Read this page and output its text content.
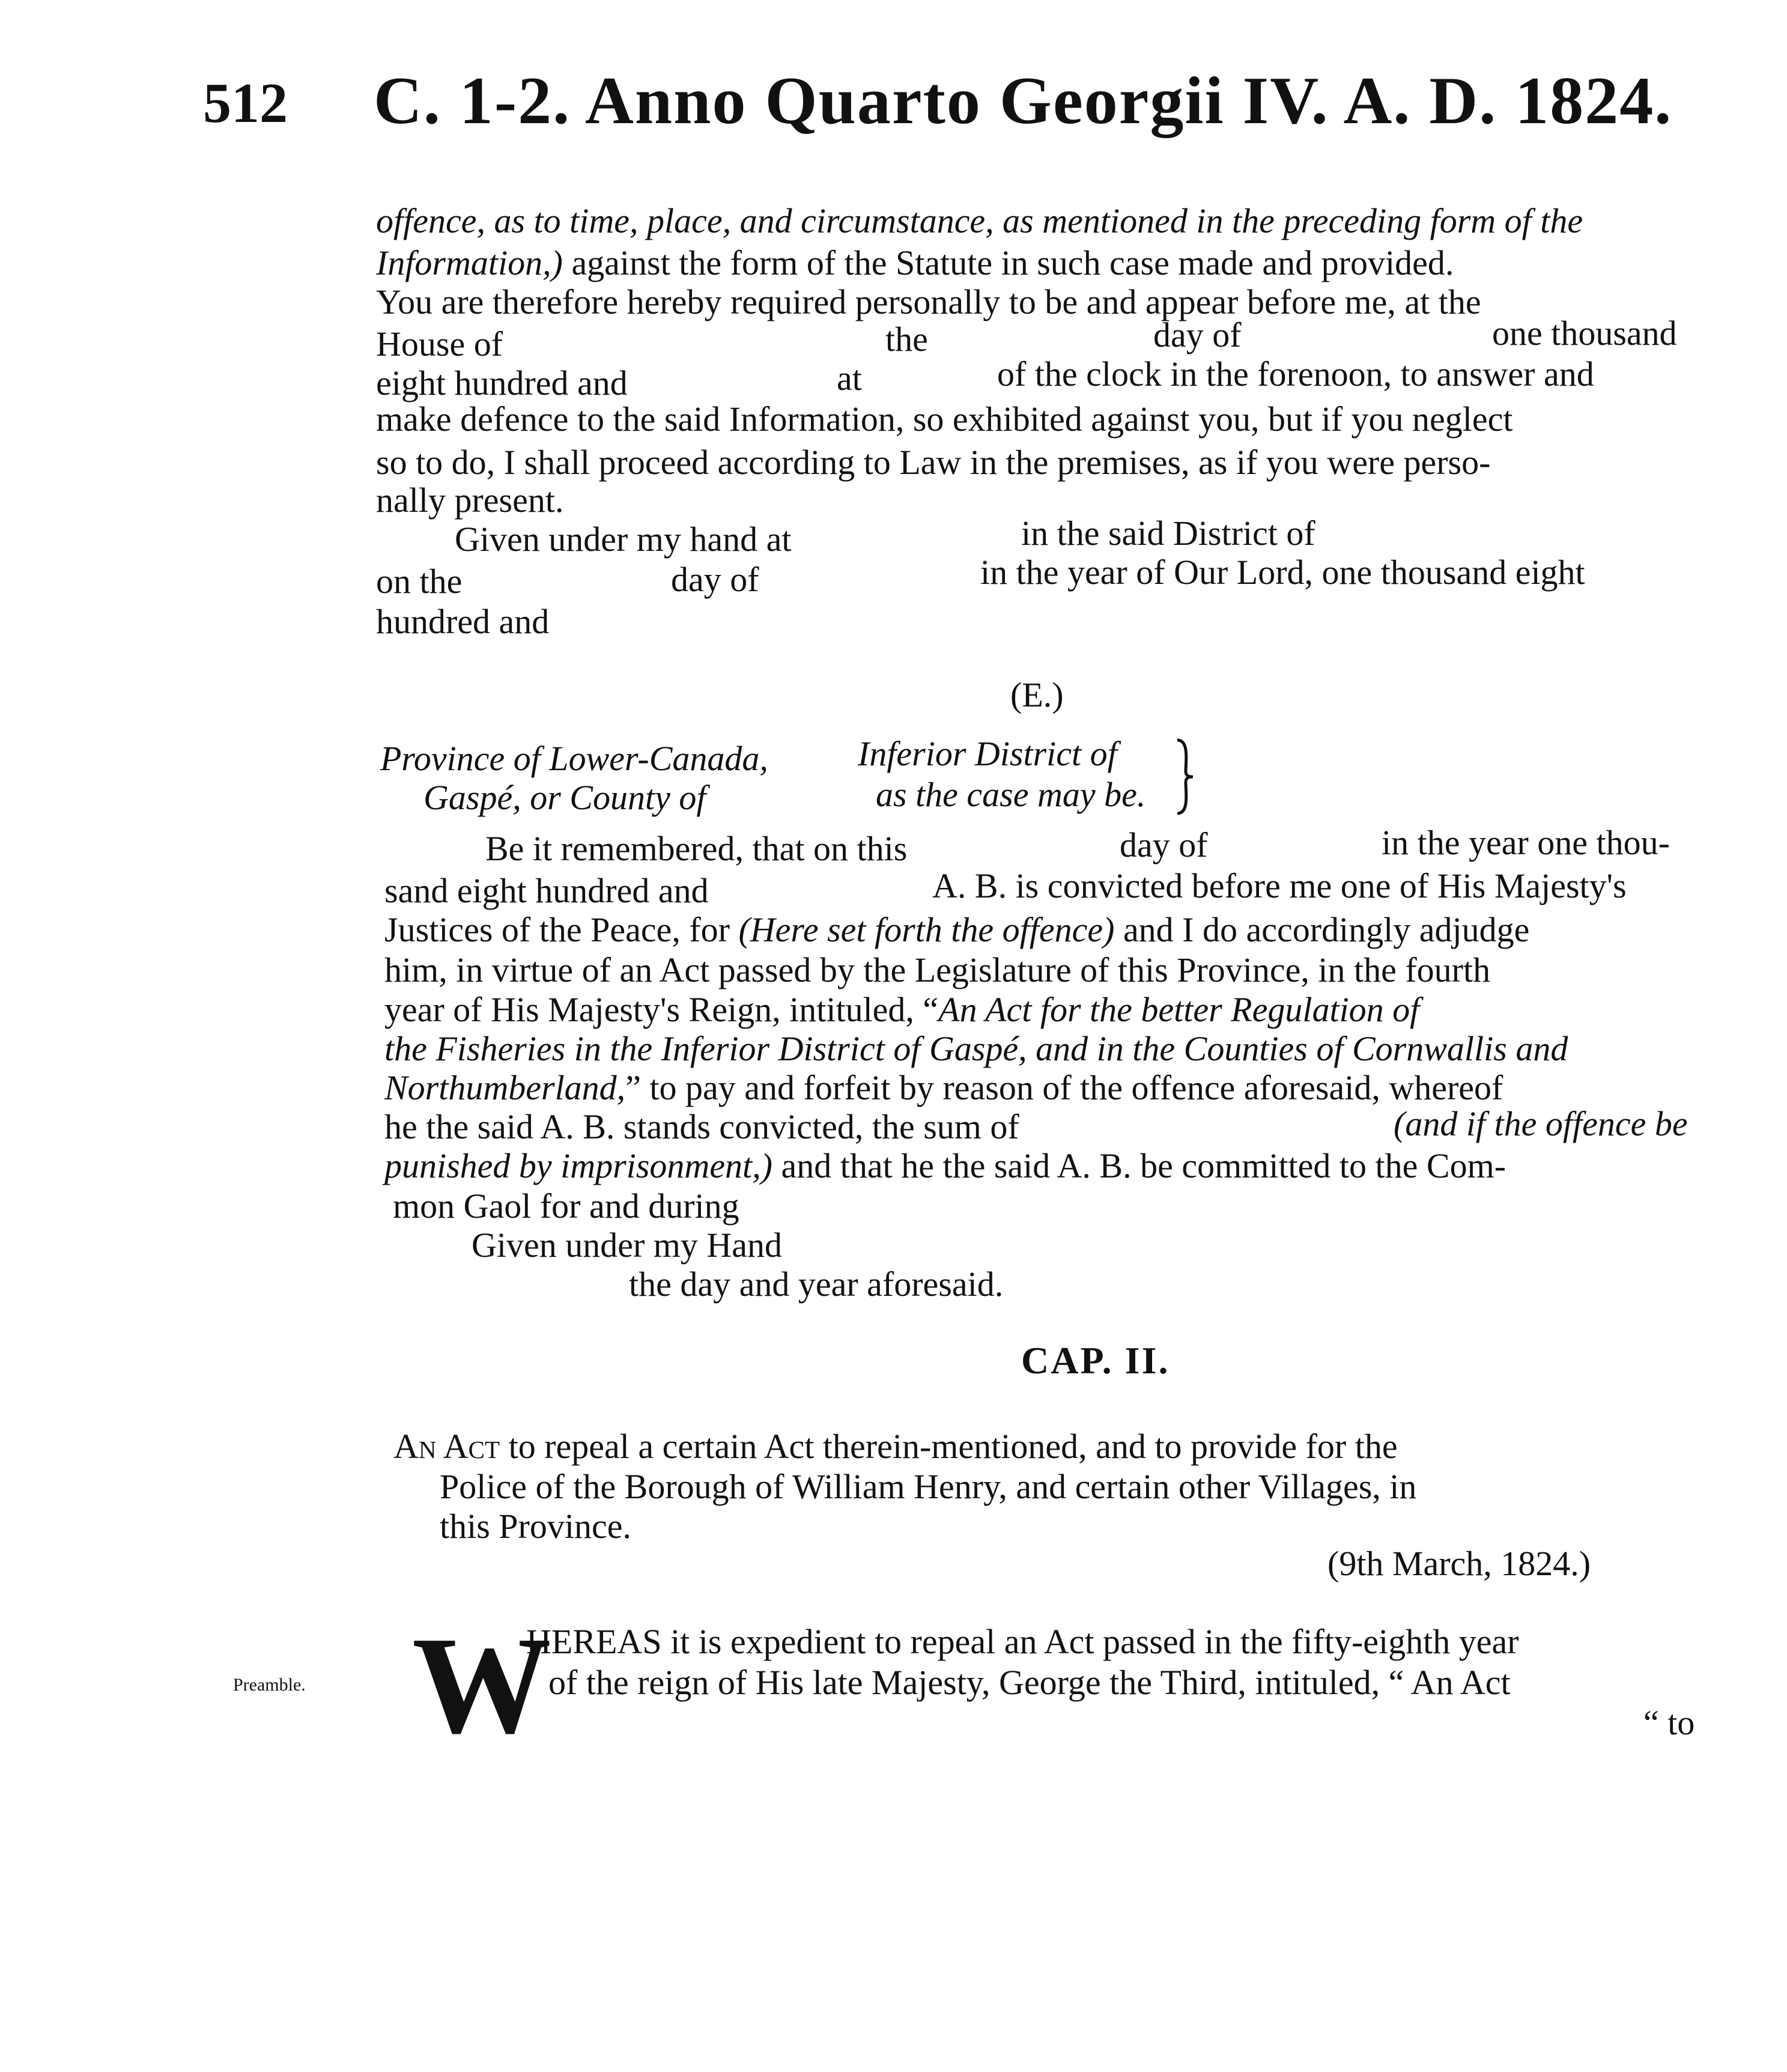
512 C. 1-2. Anno Quarto Georgii IV. A. D. 1824.
offence, as to time, place, and circumstance, as mentioned in the preceding form of the
Information,) against the form of the Statute in such case made and provided.
You are therefore hereby required personally to be and appear before me, at the
House of	the	day of	one thousand
eight hundred and	at	of the clock in the forenoon, to answer and
make defence to the said Information, so exhibited against you, but if you neglect
so to do, I shall proceed according to Law in the premises, as if you were perso-
nally present.
Given under my hand at	in the said District of
on the	day of	in the year of Our Lord, one thousand eight
hundred and
(E.)
Province of Lower-Canada,	Inferior District of
Gaspé, or County of	as the case may be.
Be it remembered, that on this	day of	in the year one thou-
sand eight hundred and	A. B. is convicted before me one of His Majesty's
Justices of the Peace, for (Here set forth the offence) and I do accordingly adjudge
him, in virtue of an Act passed by the Legislature of this Province, in the fourth
year of His Majesty's Reign, intituled, “An Act for the better Regulation of
the Fisheries in the Inferior District of Gaspé, and in the Counties of Cornwallis and
Northumberland,” to pay and forfeit by reason of the offence aforesaid, whereof
he the said A. B. stands convicted, the sum of	(and if the offence be
punished by imprisonment,) and that he the said A. B. be committed to the Com-
mon Gaol for and during
Given under my Hand
the day and year aforesaid.
CAP. II.
An Act to repeal a certain Act therein-mentioned, and to provide for the
Police of the Borough of William Henry, and certain other Villages, in
this Province.
(9th March, 1824.)
Preamble. W
HEREAS it is expedient to repeal an Act passed in the fifty-eighth year
of the reign of His late Majesty, George the Third, intituled, “ An Act
“ to
